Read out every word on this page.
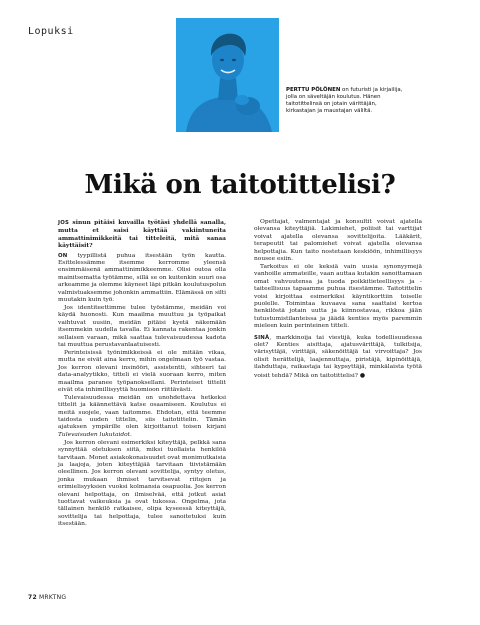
Lopuksi
PERTTU PÖLÖNEN on futuristi ja kirjailija, jolla on säveltäjän koulutus. Hänen taitotittelinsä on jotain värittäjän, kirkastajan ja maustajan väliltä.
Mikä on taitotittelisi?

JOS sinun pitäisi kuvailla työtäsi yhdellä sanalla, mutta et saisi käyttää vakiintuneita ammattinimikkeitä tai titteleitä, mitä sanaa käyttäisit?

ON tyypillistä puhua itsestään työn kautta. Esittelessämme itsemme kerromme yleensä ensimmäisenä ammattinimikkeemme. Olisi outoa olla mainitsematta työtämme, sillä se on kuitenkin suuri osa arkeamme ja olemme käyneet läpi pitkän koulutuspolun valmistuaksemme johonkin ammattiin. Elämässä on silti muutakin kuin työ.

Jos identiteettimme tulee työstämme, meidän voi käydä huonosti. Kun maailma muuttuu ja työpaikat vaihtuvat uusiin, meidän pitäisi kyetä näkemään itsemmekin uudella tavalla. Ei kannata rakentaa jonkin sellaisen varaan, mikä saattaa tulevaisuudessa kadota tai muuttua perustavanlaatuisesti.

Perinteisissä työnimikkeissä ei ole mitään vikaa, mutta ne eivät aina kerro, mihin ongelmaan työ vastaa. Jos kerron olevani insinööri, assistentti, sihteeri tai data-analyytikko, titteli ei vielä suoraan kerro, miten maailma paranee työpanoksellani. Perinteiset tittelit eivät ota inhimillisyyttä huomioon riittävästi.

Tulevaisuudessa meidän on unohdettava hetkeksi tittelit ja käännettävä katse osaamiseen. Koulutus ei meitä suojele, vaan taitomme. Ehdotan, että teemme taidosta uuden tittelin, siis taitotittelin. Tämän ajatuksen ympärille olen kirjoittanut toisen kirjani Tulevaisuden lukutaidot.

Jos kerron olevani esimerkiksi kiteyttäjä, pelkkä sana synnyttää oletuksen siitä, miksi tuollaista henkilöä tarvitaan. Monet asiakokonaisuudet ovat monimutkaisia ja laajoja, joten kiteyttäjää tarvitaan tiivistämään oleellinen. Jos kerron olevani sovittelija, syntyy oletus, jonka mukaan ihmiset tarvitsevat riitojen ja erimielisyyksien vuoksi kolmansia osapuolia. Jos kerron olevani helpottaja, on ilmiselvää, että jotkut asiat tuottavat vaikeuksia ja ovat tukossa. Ongelma, jota tällainen henkilö ratkaisee, olipa kyseessä kiteyttäjä, sovittelija tai helpottaja, tulee sanoitetuksi kuin itsestään.

Opettajat, valmentajat ja konsultit voivat ajatella olevansa kiteyttäjiä. Lakimiehet, poliisit tai varttijat voivat ajatella olevansa sovittelijoita. Lääkärit, terapeutit tai palomiehet voivat ajatella olevansa helpottajia. Kun taito nostetaan keskiöön, inhimillisyys nousee esiin.

Tarkoitus ei ole keksiä vain uusia synonyymejä vanhoille ammateille, vaan auttaa kutakin sanoittamaan omat vahvuutensa ja tuoda poikkitieteellisyys ja -taiteellisuus tapaamme puhua itsestämme. Taitotittelin voisi kirjoittaa esimerkiksi käyntikorttiin toiselle puolelle. Toimintaa kuvaava sana saattaisi kertoa henkilöstä jotain uutta ja kiinnostavaa, rikkoa jään tutustumistilanteissa ja jäädä kenties myös paremmin mieleen kuin perinteinen titteli.

SINÄ, markkinoija tai viestijä, kuka todellisuudessa olet? Kenties aisittaja, ajatusvärittäjä, tulkitsija, värisyttäjä, virittäjä, säkenöittäjä tai virvoittaja? Jos olisit herättelijä, laajennuttaja, piristäjä, kipinöittäjä, ilahduttaja, raikastaja tai kypsyttäjä, minkälaista työtä voisit tehdä? Mikä on taitotittelisi? ●

72 MRKTNG
